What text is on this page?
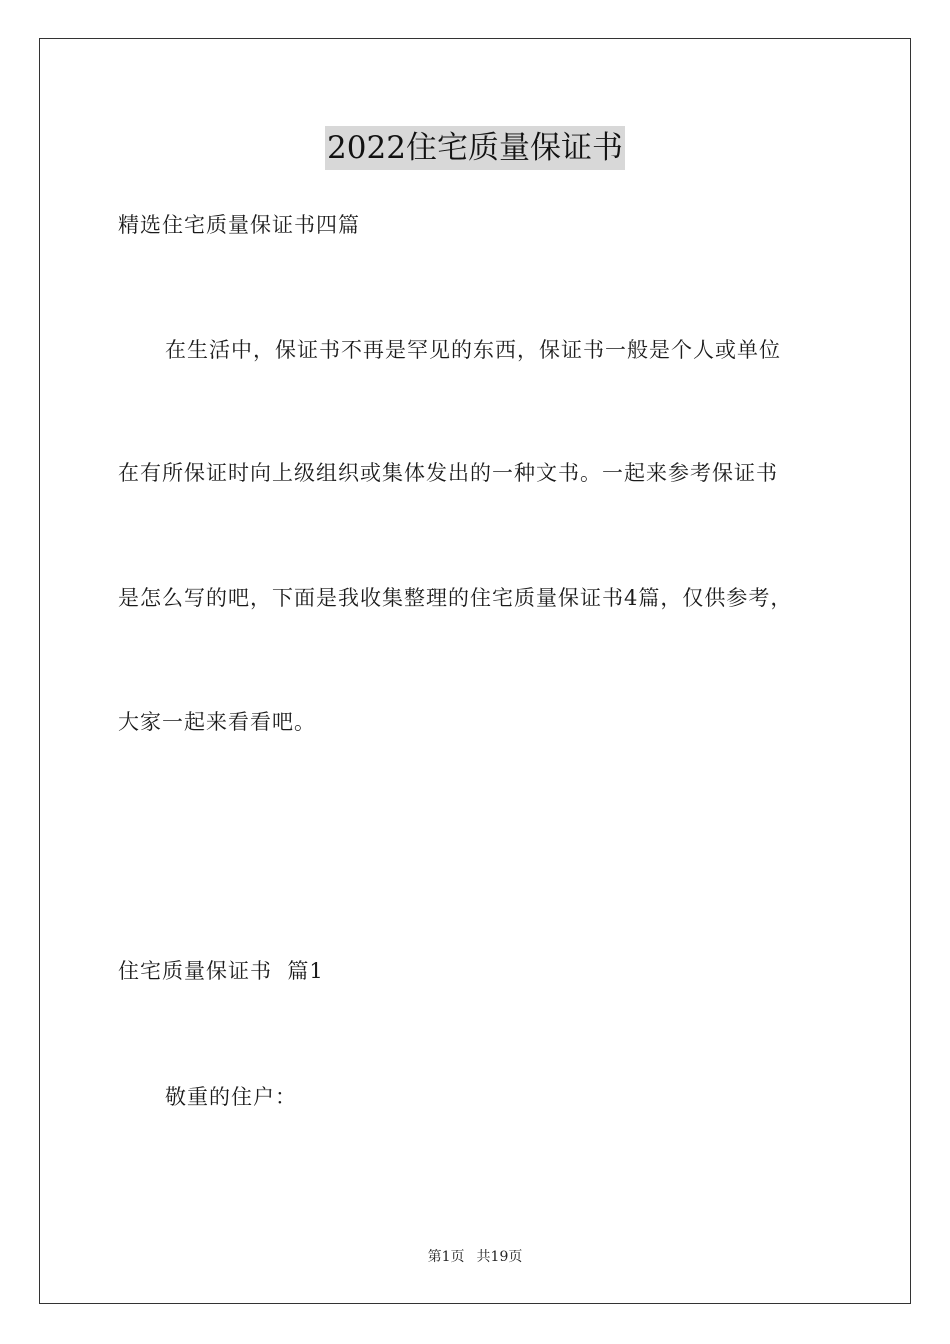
2022住宅质量保证书
精选住宅质量保证书四篇
在生活中，保证书不再是罕见的东西，保证书一般是个人或单位
在有所保证时向上级组织或集体发出的一种文书。一起来参考保证书
是怎么写的吧，下面是我收集整理的住宅质量保证书4篇，仅供参考，
大家一起来看看吧。
住宅质量保证书  篇1
敬重的住户：
第1页 共19页
